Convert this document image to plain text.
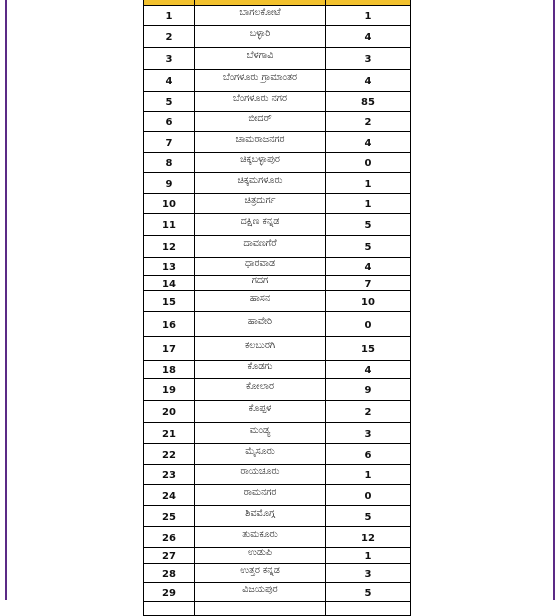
1	ಬಾಗಲಕೋಟೆ	1
2	ಬಳ್ಳಾರಿ	4
3	ಬೆಳಗಾವಿ	3
4	ಬೆಂಗಳೂರು ಗ್ರಾಮಾಂತರ	4
5	ಬೆಂಗಳೂರು ನಗರ	85
6	ಬೀದರ್	2
7	ಚಾಮರಾಜನಗರ	4
8	ಚಿಕ್ಕಬಳ್ಳಾಪುರ	0
9	ಚಿಕ್ಕಮಗಳೂರು	1
10	ಚಿತ್ರದುರ್ಗ	1
11	ದಕ್ಷಿಣ ಕನ್ನಡ	5
12	ದಾವಣಗೆರೆ	5
13	ಧಾರವಾಡ	4
14	ಗದಗ	7
15	ಹಾಸನ	10
16	ಹಾವೇರಿ	0
17	ಕಲಬುರಗಿ	15
18	ಕೊಡಗು	4
19	ಕೋಲಾರ	9
20	ಕೊಪ್ಪಳ	2
21	ಮಂಡ್ಯ	3
22	ಮೈಸೂರು	6
23	ರಾಯಚೂರು	1
24	ರಾಮನಗರ	0
25	ಶಿವಮೊಗ್ಗ	5
26	ತುಮಕೂರು	12
27	ಉಡುಪಿ	1
28	ಉತ್ತರ ಕನ್ನಡ	3
29	ವಿಜಯಪುರ	5
